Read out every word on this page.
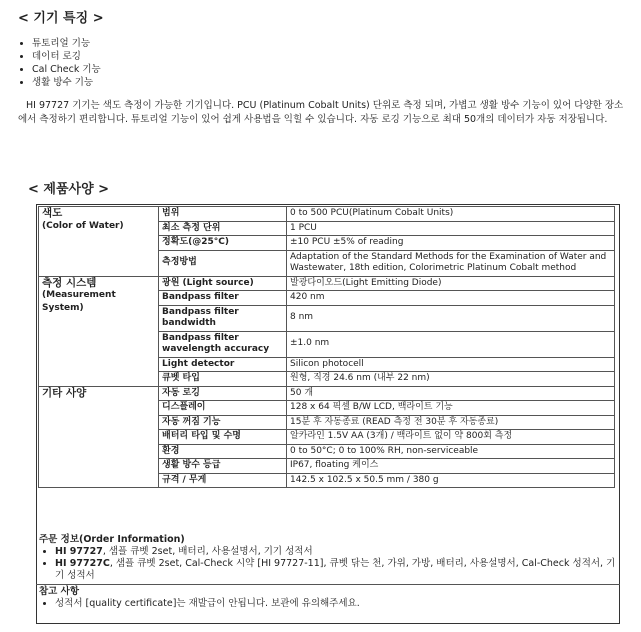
< 기기 특징 >
• 튜토리얼 기능
• 데이터 로깅
• Cal Check 기능
• 생활 방수 기능
HI 97727 기기는 색도 측정이 가능한 기기입니다. PCU (Platinum Cobalt Units) 단위로 측정 되며, 가볍고 생활 방수 기능이 있어 다양한 장소에서 측정하기 편리합니다. 튜토리얼 기능이 있어 쉽게 사용법을 익힐 수 있습니다. 자동 로깅 기능으로 최대 50개의 데이터가 자동 저장됩니다.
< 제품사양 >
색도
(Color of Water)	범위	0 to 500 PCU(Platinum Cobalt Units)
	최소 측정 단위	1 PCU
	정확도(@25°C)	±10 PCU ±5% of reading
	측정방법	Adaptation of the Standard Methods for the Examination of Water and Wastewater, 18th edition, Colorimetric Platinum Cobalt method
측정 시스템
(Measurement System)	광원 (Light source)	발광다이오드(Light Emitting Diode)
	Bandpass filter	420 nm
	Bandpass filter bandwidth	8 nm
	Bandpass filter wavelength accuracy	±1.0 nm
	Light detector	Silicon photocell
	큐벳 타입	원형, 직경 24.6 nm (내부 22 nm)
기타 사양	자동 로깅	50 개
	디스플레이	128 x 64 픽셀 B/W LCD, 백라이트 기능
	자동 꺼짐 기능	15분 후 자동종료 (READ 측정 전 30분 후 자동종료)
	배터리 타입 및 수명	알카라인 1.5V AA (3개) / 백라이트 없이 약 800회 측정
	환경	0 to 50°C; 0 to 100% RH, non-serviceable
	생활 방수 등급	IP67, floating 케이스
	규격 / 무게	142.5 x 102.5 x 50.5 mm / 380 g
주문 정보(Order Information)
• HI 97727, 샘플 큐벳 2set, 배터리, 사용설명서, 기기 성적서
• HI 97727C, 샘플 큐벳 2set, Cal-Check 시약 [HI 97727-11], 큐벳 닦는 천, 가위, 가방, 배터리, 사용설명서, Cal-Check 성적서, 기기 성적서
참고 사항
• 성적서 [quality certificate]는 재발급이 안됩니다. 보관에 유의해주세요.
